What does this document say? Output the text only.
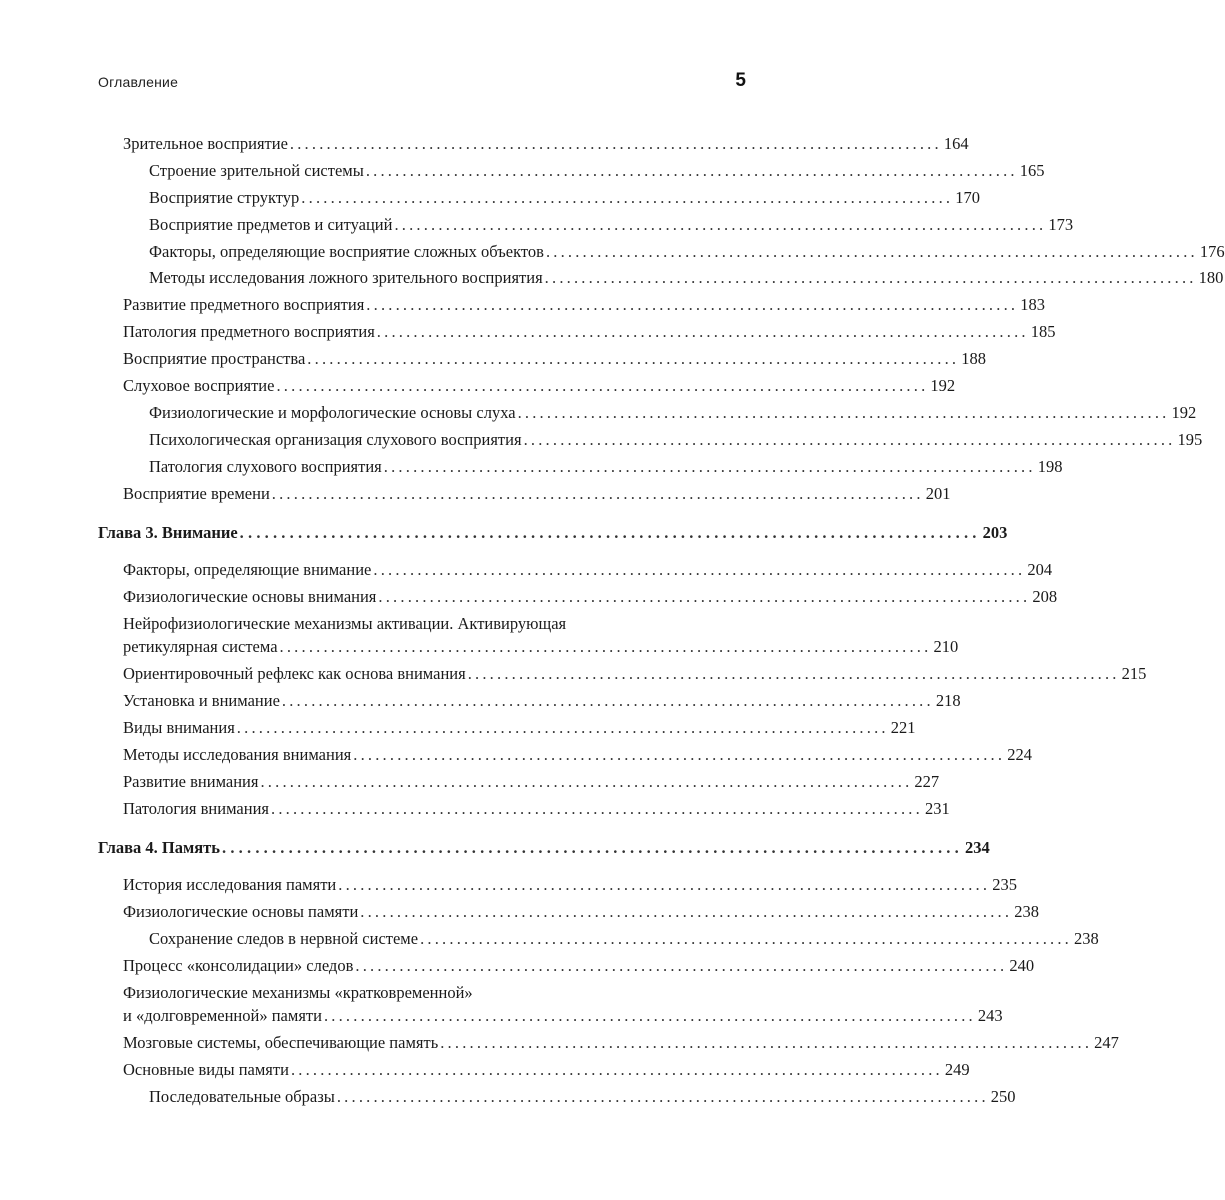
Оглавление	5
Зрительное восприятие ......................................................................................... 164
Строение зрительной системы ......................................................................................... 165
Восприятие структур ......................................................................................... 170
Восприятие предметов и ситуаций ......................................................................................... 173
Факторы, определяющие восприятие сложных объектов ......................................................................................... 176
Методы исследования ложного зрительного восприятия ......................................................................................... 180
Развитие предметного восприятия ......................................................................................... 183
Патология предметного восприятия ......................................................................................... 185
Восприятие пространства ......................................................................................... 188
Слуховое восприятие ......................................................................................... 192
Физиологические и морфологические основы слуха ......................................................................................... 192
Психологическая организация слухового восприятия ......................................................................................... 195
Патология слухового восприятия ......................................................................................... 198
Восприятие времени ......................................................................................... 201
Глава 3. Внимание ......................................................................................... 203
Факторы, определяющие внимание ......................................................................................... 204
Физиологические основы внимания ......................................................................................... 208
Нейрофизиологические механизмы активации. Активирующая
ретикулярная система ......................................................................................... 210
Ориентировочный рефлекс как основа внимания ......................................................................................... 215
Установка и внимание ......................................................................................... 218
Виды внимания ......................................................................................... 221
Методы исследования внимания ......................................................................................... 224
Развитие внимания ......................................................................................... 227
Патология внимания ......................................................................................... 231
Глава 4. Память ......................................................................................... 234
История исследования памяти ......................................................................................... 235
Физиологические основы памяти ......................................................................................... 238
Сохранение следов в нервной системе ......................................................................................... 238
Процесс «консолидации» следов ......................................................................................... 240
Физиологические механизмы «кратковременной»
и «долговременной» памяти ......................................................................................... 243
Мозговые системы, обеспечивающие память ......................................................................................... 247
Основные виды памяти ......................................................................................... 249
Последовательные образы ......................................................................................... 250
